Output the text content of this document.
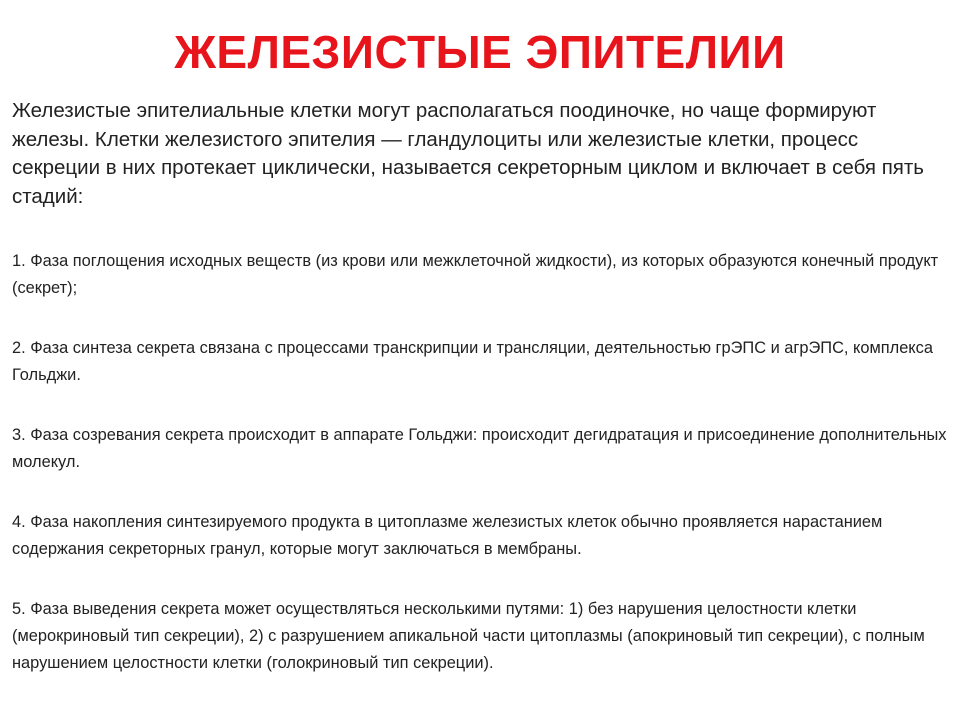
ЖЕЛЕЗИСТЫЕ ЭПИТЕЛИИ

Железистые эпителиальные клетки могут располагаться поодиночке, но чаще формируют железы. Клетки железистого эпителия — гландулоциты или железистые клетки, процесс секреции в них протекает циклически, называется секреторным циклом и включает в себя пять стадий:

1. Фаза поглощения исходных веществ (из крови или межклеточной жидкости), из которых образуются конечный продукт (секрет);

2. Фаза синтеза секрета связана с процессами транскрипции и трансляции, деятельностью грЭПС и агрЭПС, комплекса Гольджи.

3. Фаза созревания секрета происходит в аппарате Гольджи: происходит дегидратация и присоединение дополнительных молекул.

4. Фаза накопления синтезируемого продукта в цитоплазме железистых клеток обычно проявляется нарастанием содержания секреторных гранул, которые могут заключаться в мембраны.

5. Фаза выведения секрета может осуществляться несколькими путями: 1) без нарушения целостности клетки (мерокриновый тип секреции), 2) с разрушением апикальной части цитоплазмы (апокриновый тип секреции), с полным нарушением целостности клетки (голокриновый тип секреции).
